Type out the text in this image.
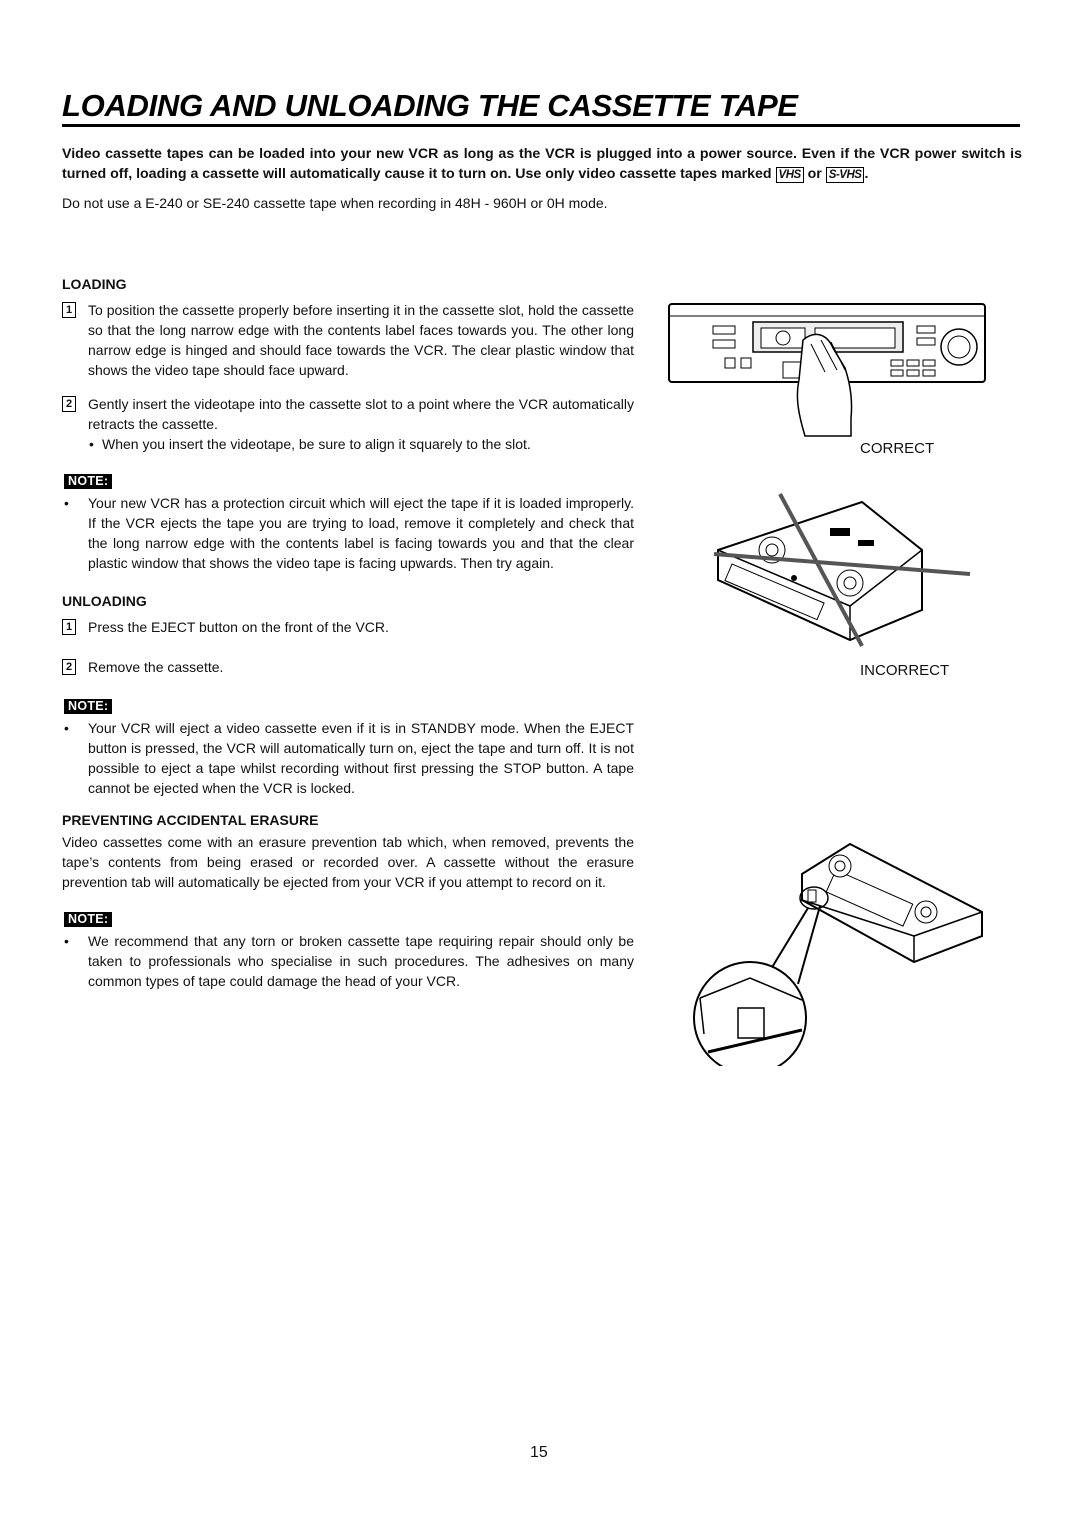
LOADING AND UNLOADING THE CASSETTE TAPE

Video cassette tapes can be loaded into your new VCR as long as the VCR is plugged into a power source. Even if the VCR power switch is turned off, loading a cassette will automatically cause it to turn on. Use only video cassette tapes marked VHS or S-VHS .

Do not use a E-240 or SE-240 cassette tape when recording in 48H - 960H or 0H mode.

LOADING

1 To position the cassette properly before inserting it in the cassette slot, hold the cassette so that the long narrow edge with the contents label faces towards you. The other long narrow edge is hinged and should face towards the VCR. The clear plastic window that shows the video tape should face upward.

2 Gently insert the videotape into the cassette slot to a point where the VCR automatically retracts the cassette.

• When you insert the videotape, be sure to align it squarely to the slot.

NOTE:

• Your new VCR has a protection circuit which will eject the tape if it is loaded improperly. If the VCR ejects the tape you are trying to load, remove it completely and check that the long narrow edge with the contents label is facing towards you and that the clear plastic window that shows the video tape is facing upwards. Then try again.

UNLOADING

1 Press the EJECT button on the front of the VCR.

2 Remove the cassette.

NOTE:

• Your VCR will eject a video cassette even if it is in STANDBY mode. When the EJECT button is pressed, the VCR will automatically turn on, eject the tape and turn off. It is not possible to eject a tape whilst recording without first pressing the STOP button. A tape cannot be ejected when the VCR is locked.

PREVENTING ACCIDENTAL ERASURE

Video cassettes come with an erasure prevention tab which, when removed, prevents the tape’s contents from being erased or recorded over. A cassette without the erasure prevention tab will automatically be ejected from your VCR if you attempt to record on it.

NOTE:

• We recommend that any torn or broken cassette tape requiring repair should only be taken to professionals who specialise in such procedures. The adhesives on many common types of tape could damage the head of your VCR.

CORRECT

INCORRECT

15
